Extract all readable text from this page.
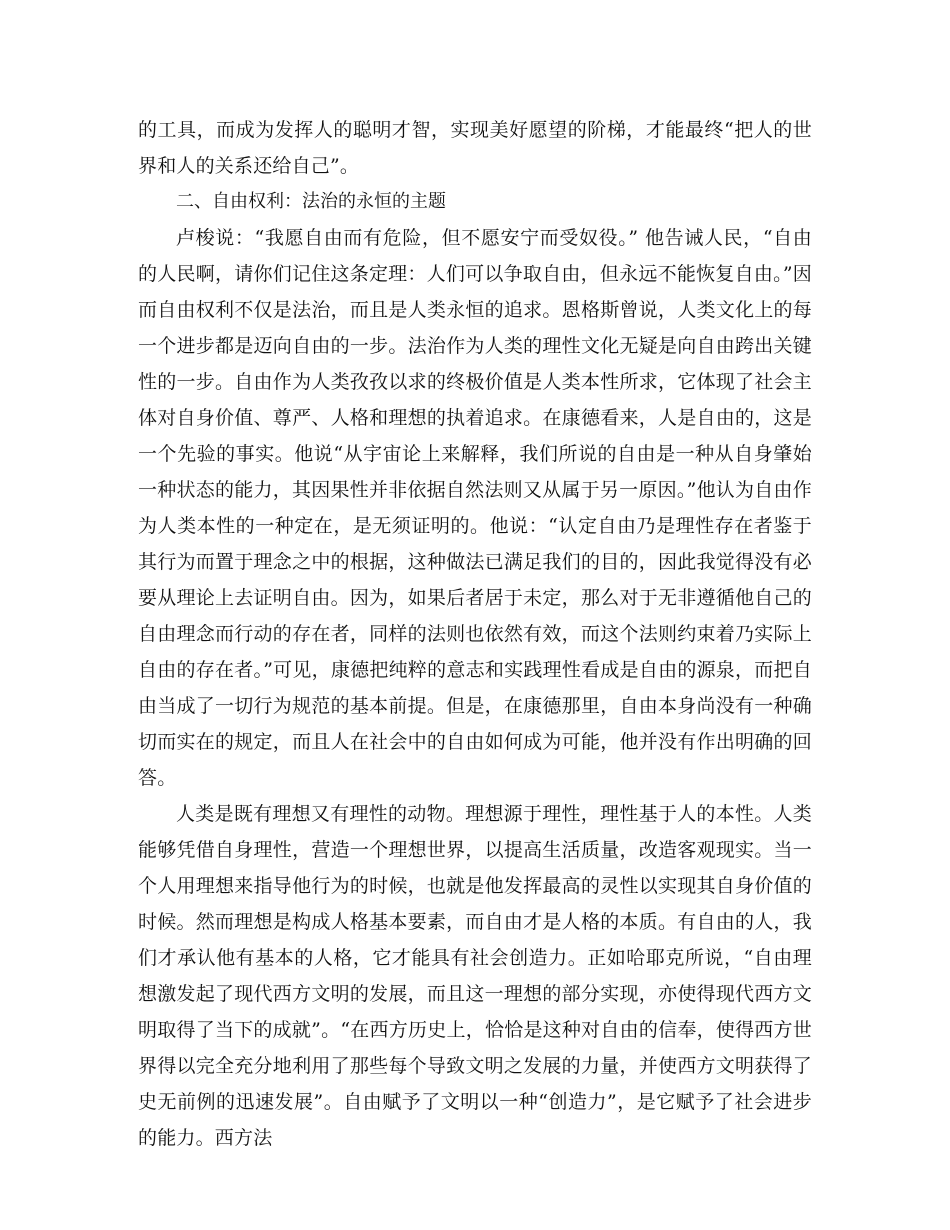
的工具，而成为发挥人的聪明才智，实现美好愿望的阶梯，才能最终“把人的世界和人的关系还给自己”。

二、自由权利：法治的永恒的主题

卢梭说：“我愿自由而有危险，但不愿安宁而受奴役。” 他告诫人民，“自由的人民啊，请你们记住这条定理：人们可以争取自由，但永远不能恢复自由。”因而自由权利不仅是法治，而且是人类永恒的追求。恩格斯曾说，人类文化上的每一个进步都是迈向自由的一步。法治作为人类的理性文化无疑是向自由跨出关键性的一步。自由作为人类孜孜以求的终极价值是人类本性所求，它体现了社会主体对自身价值、尊严、人格和理想的执着追求。在康德看来，人是自由的，这是一个先验的事实。他说“从宇宙论上来解释，我们所说的自由是一种从自身肇始一种状态的能力，其因果性并非依据自然法则又从属于另一原因。”他认为自由作为人类本性的一种定在，是无须证明的。他说：“认定自由乃是理性存在者鉴于其行为而置于理念之中的根据，这种做法已满足我们的目的，因此我觉得没有必要从理论上去证明自由。因为，如果后者居于未定，那么对于无非遵循他自己的自由理念而行动的存在者，同样的法则也依然有效，而这个法则约束着乃实际上自由的存在者。”可见，康德把纯粹的意志和实践理性看成是自由的源泉，而把自由当成了一切行为规范的基本前提。但是，在康德那里，自由本身尚没有一种确切而实在的规定，而且人在社会中的自由如何成为可能，他并没有作出明确的回答。

人类是既有理想又有理性的动物。理想源于理性，理性基于人的本性。人类能够凭借自身理性，营造一个理想世界，以提高生活质量，改造客观现实。当一个人用理想来指导他行为的时候，也就是他发挥最高的灵性以实现其自身价值的时候。然而理想是构成人格基本要素，而自由才是人格的本质。有自由的人，我们才承认他有基本的人格，它才能具有社会创造力。正如哈耶克所说，“自由理想激发起了现代西方文明的发展，而且这一理想的部分实现，亦使得现代西方文明取得了当下的成就”。“在西方历史上，恰恰是这种对自由的信奉，使得西方世界得以完全充分地利用了那些每个导致文明之发展的力量，并使西方文明获得了史无前例的迅速发展”。自由赋予了文明以一种“创造力”，是它赋予了社会进步的能力。西方法
